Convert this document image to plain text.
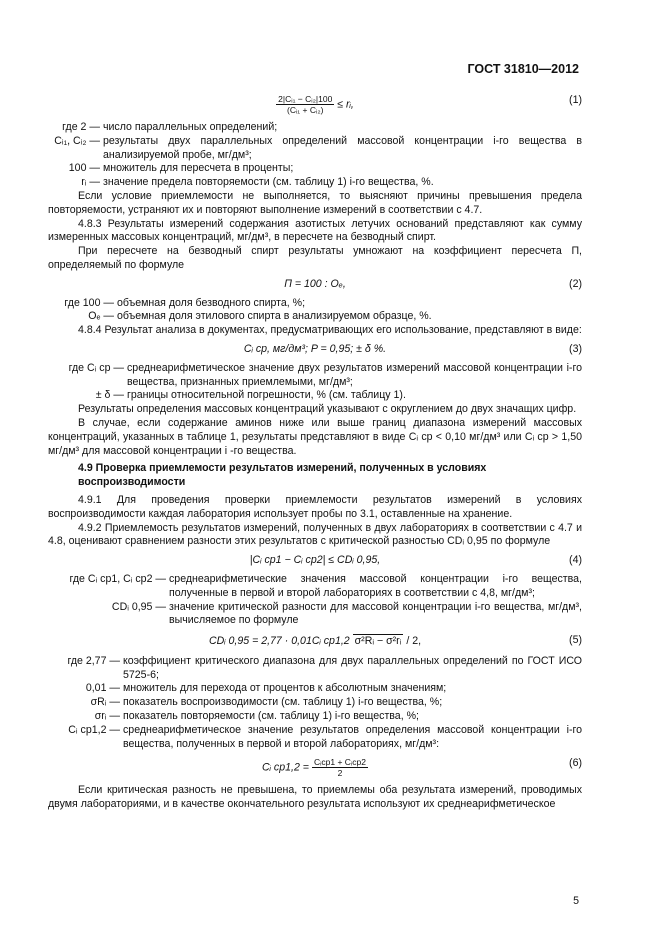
ГОСТ 31810—2012
$\frac{\text{2|Cᵢ₁ − Cᵢ₂|100}}{\text{(Cᵢ₁ + Cᵢ₂)}}$ ≤ rᵢ,	(1)
где 2 — число параллельных определений;
Cᵢ₁, Cᵢ₂ — результаты двух параллельных определений массовой концентрации i-го вещества в анализируемой пробе, мг/дм³;
100 — множитель для пересчета в проценты;
rᵢ — значение предела повторяемости (см. таблицу 1) i-го вещества, %.

Если условие приемлемости не выполняется, то выясняют причины превышения предела повторяемости, устраняют их и повторяют выполнение измерений в соответствии с 4.7.

4.8.3 Результаты измерений содержания азотистых летучих оснований представляют как сумму измеренных массовых концентраций, мг/дм³, в пересчете на безводный спирт.

При пересчете на безводный спирт результаты умножают на коэффициент пересчета П, определяемый по формуле

П = 100 : Oₑ,	(2)
где 100 — объемная доля безводного спирта, %;
Oₑ — объемная доля этилового спирта в анализируемом образце, %.

4.8.4 Результат анализа в документах, предусматривающих его использование, представляют в виде:

Cᵢ ср, мг/дм³; P = 0,95; ± δ %.	(3)
где Cᵢ ср — среднеарифметическое значение двух результатов измерений массовой концентрации i-го вещества, признанных приемлемыми, мг/дм³;
± δ — границы относительной погрешности, % (см. таблицу 1).

Результаты определения массовых концентраций указывают с округлением до двух значащих цифр.

В случае, если содержание аминов ниже или выше границ диапазона измерений массовых концентраций, указанных в таблице 1, результаты представляют в виде Cᵢ ср < 0,10 мг/дм³ или Cᵢ ср > 1,50 мг/дм³ для массовой концентрации i -го вещества.

4.9 Проверка приемлемости результатов измерений, полученных в условиях воспроизводимости

4.9.1 Для проведения проверки приемлемости результатов измерений в условиях воспроизводимости каждая лаборатория использует пробы по 3.1, оставленные на хранение.

4.9.2 Приемлемость результатов измерений, полученных в двух лабораториях в соответствии с 4.7 и 4.8, оценивают сравнением разности этих результатов с критической разностью CDᵢ 0,95 по формуле

|Cᵢ ср1 − Cᵢ ср2| ≤ CDᵢ 0,95,	(4)
где Cᵢ ср1, Cᵢ ср2 — среднеарифметические значения массовой концентрации i-го вещества, полученные в первой и второй лабораториях в соответствии с 4,8, мг/дм³;
CDᵢ 0,95 — значение критической разности для массовой концентрации i-го вещества, мг/дм³, вычисляемое по формуле
CDᵢ 0,95 = 2,77 · 0,01Cᵢ ср1,2 σ²Rᵢ − σ²rᵢ / 2,	(5)
где 2,77 — коэффициент критического диапазона для двух параллельных определений по ГОСТ ИСО 5725-6;
0,01 — множитель для перехода от процентов к абсолютным значениям;
σRᵢ — показатель воспроизводимости (см. таблицу 1) i-го вещества, %;
σrᵢ — показатель повторяемости (см. таблицу 1) i-го вещества, %;
Cᵢ ср1,2 — среднеарифметическое значение результатов определения массовой концентрации i-го вещества, полученных в первой и второй лабораториях, мг/дм³:
Cᵢ $ср1,2 = \frac{\text{Cᵢср1 + Cᵢср2}}{2}$	(6)

Если критическая разность не превышена, то приемлемы оба результата измерений, проводимых двумя лабораториями, и в качестве окончательного результата используют их среднеарифметическое

5
